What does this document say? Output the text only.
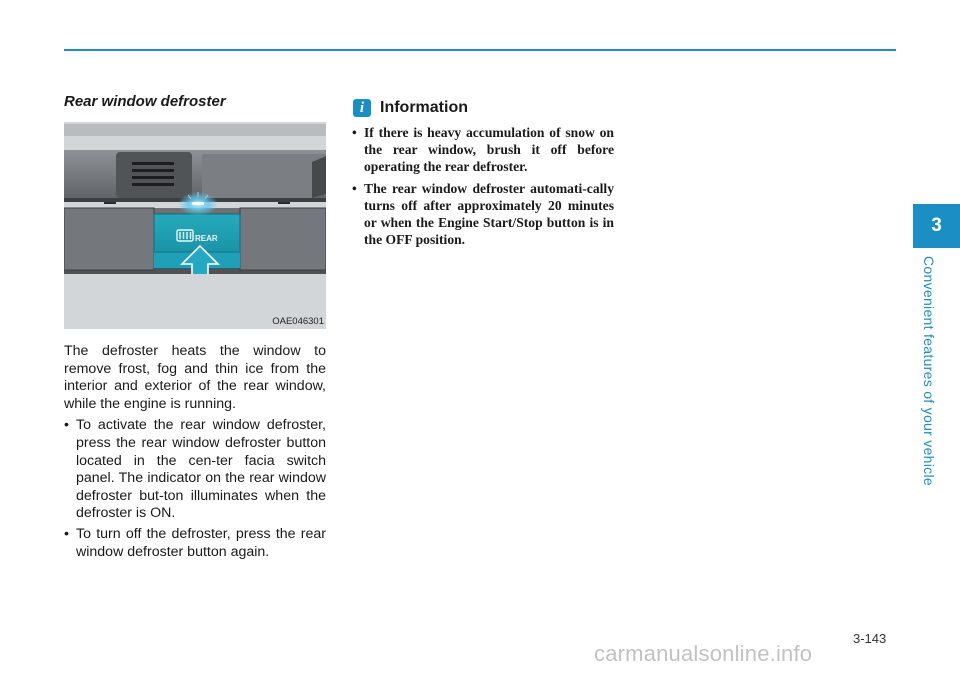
Rear window defroster
REAR
OAE046301

The defroster heats the window to remove frost, fog and thin ice from the interior and exterior of the rear window, while the engine is running.

• To activate the rear window defroster, press the rear window defroster button located in the cen-ter facia switch panel. The indicator on the rear window defroster but-ton illuminates when the defroster is ON.
• To turn off the defroster, press the rear window defroster button again.
i Information
• If there is heavy accumulation of snow on the rear window, brush it off before operating the rear defroster.
• The rear window defroster automati-cally turns off after approximately 20 minutes or when the Engine Start/Stop button is in the OFF position.
3
Convenient features of your vehicle
3-143
carmanualsonline.info
